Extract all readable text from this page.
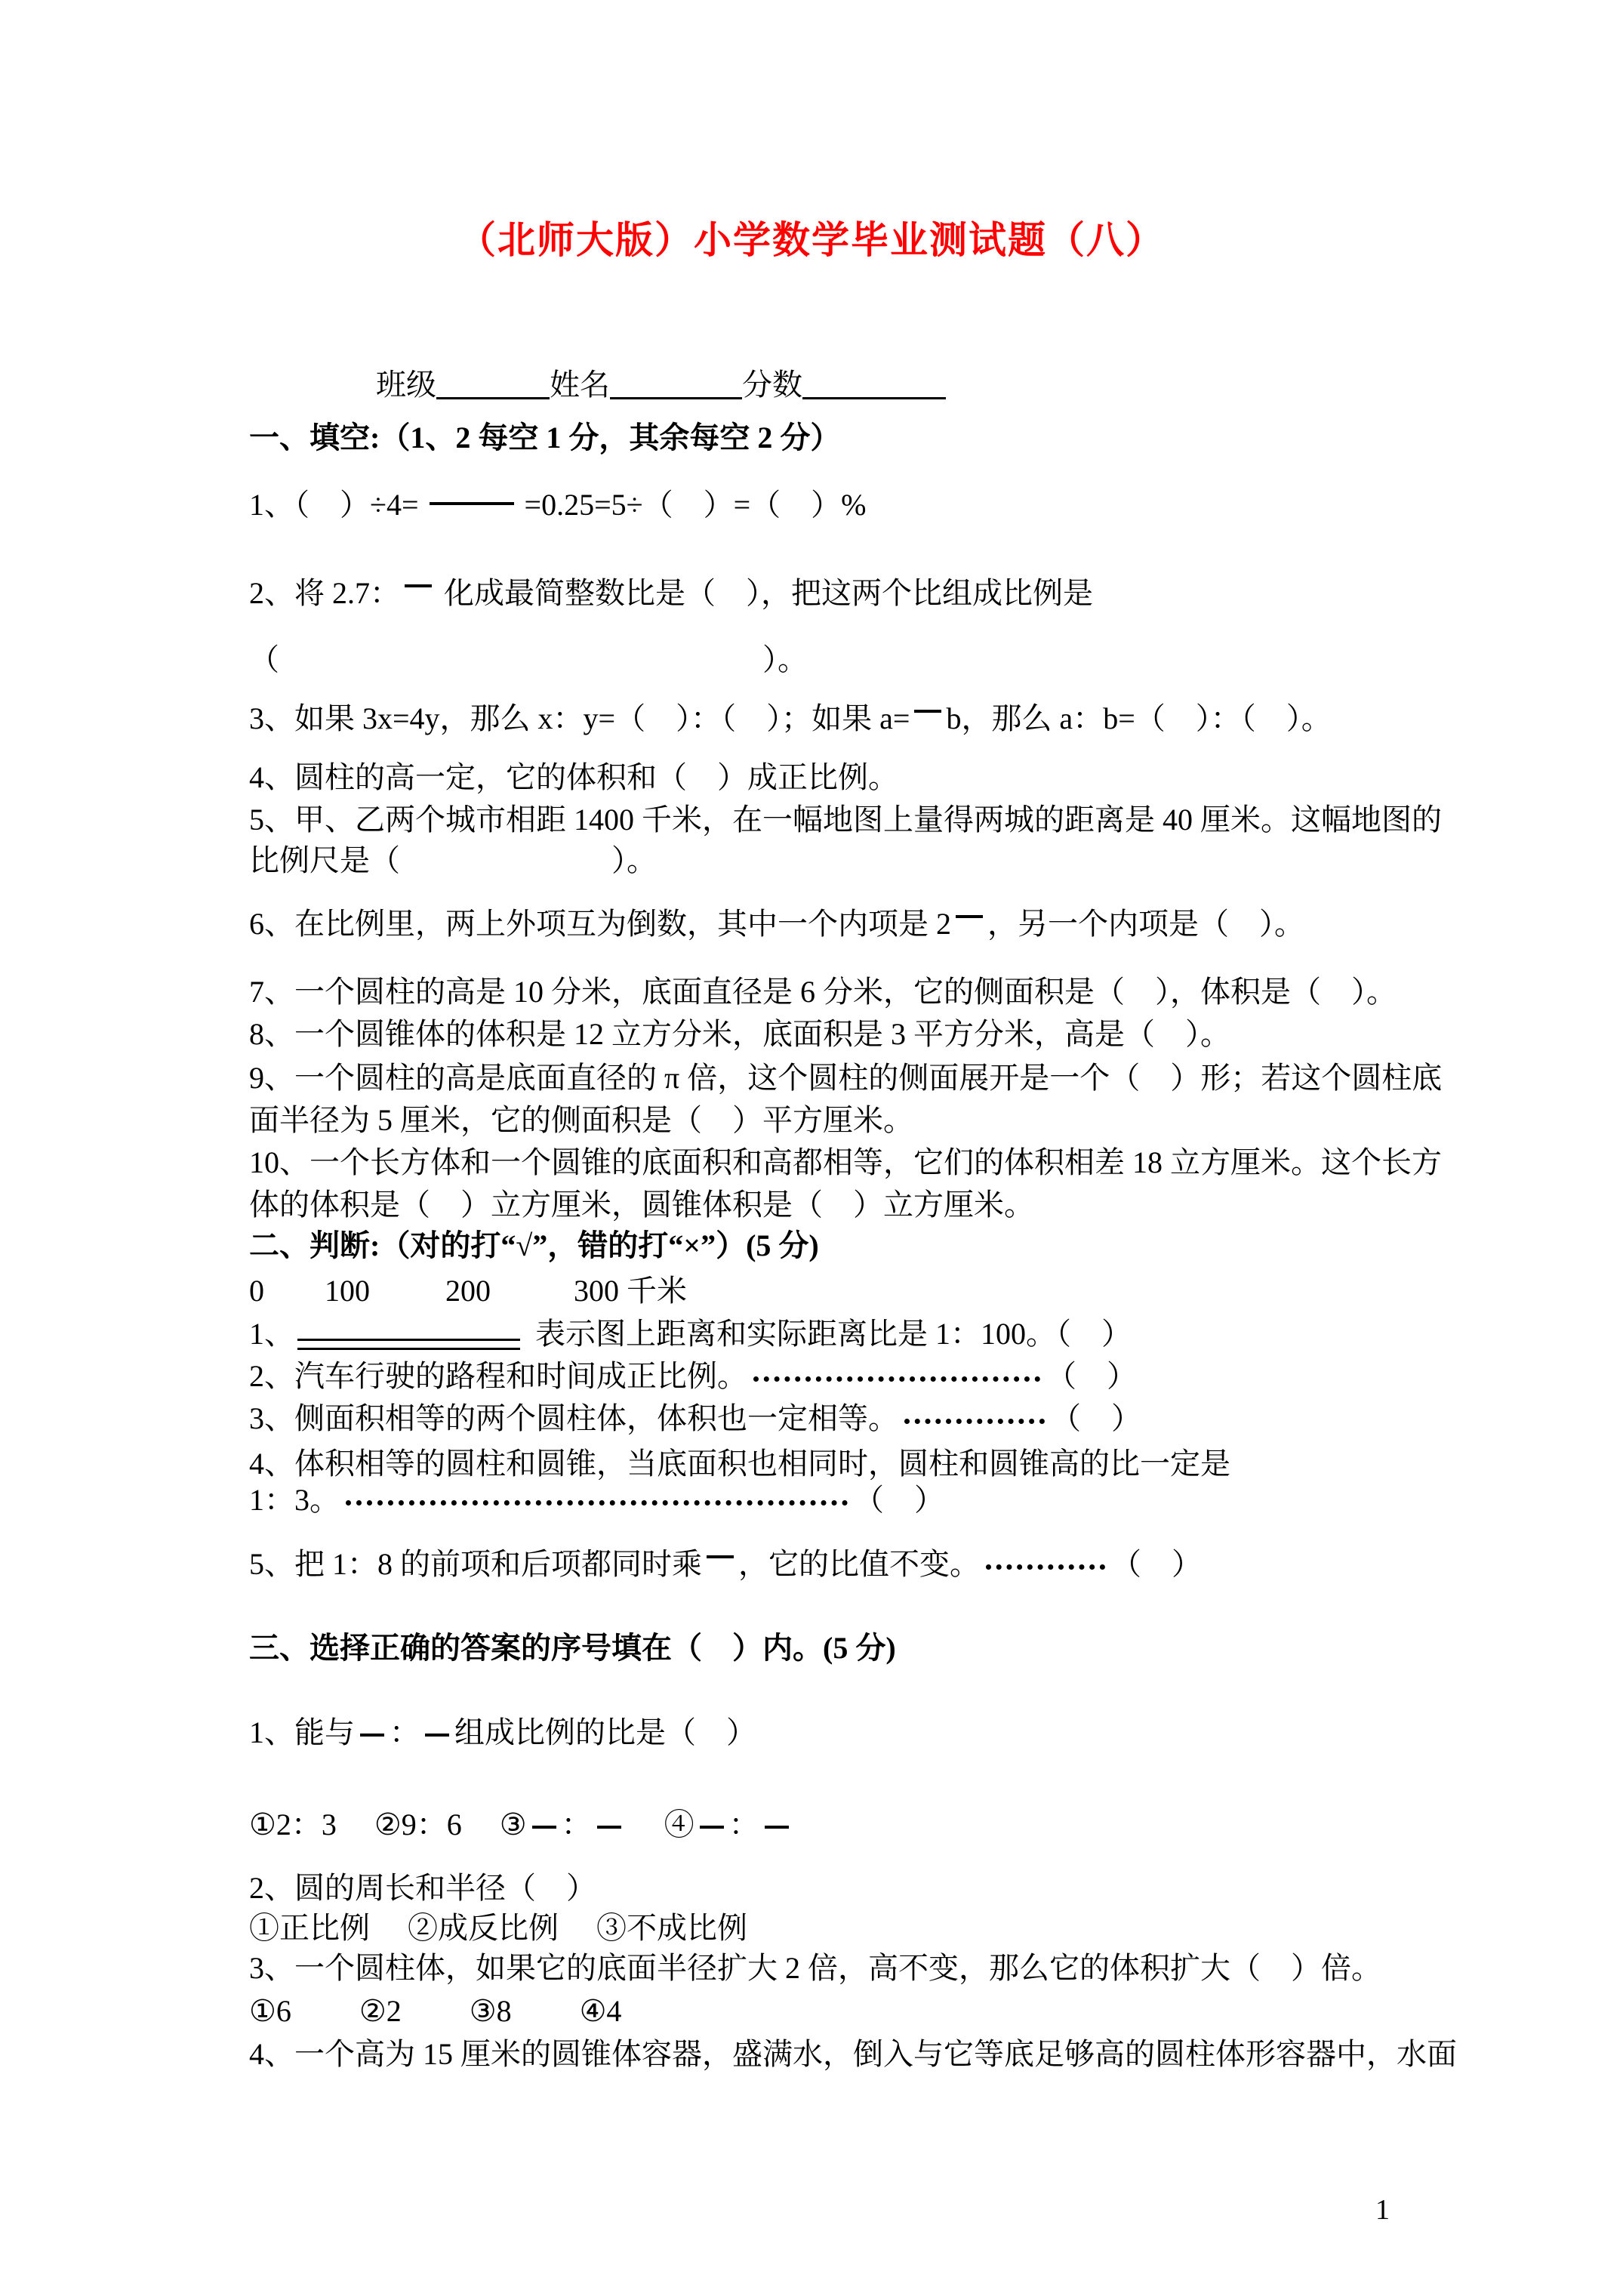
（北师大版）小学数学毕业测试题（八）
班级	姓名	分数
一、填空:（1、2 每空 1 分，其余每空 2 分）
1、（　）÷4=	=0.25=5÷（　）=（　）%
2、将 2.7： 化成最简整数比是（　），把这两个比组成比例是
（　　　　　　　　　　　　　　　　）。
3、如果 3x=4y，那么 x：y=（　）：（　）；如果 a= b，那么 a：b=（　）：（　）。
4、圆柱的高一定，它的体积和（　）成正比例。
5、甲、乙两个城市相距 1400 千米，在一幅地图上量得两城的距离是 40 厘米。这幅地图的
比例尺是（　　　　　　　）。
6、在比例里，两上外项互为倒数，其中一个内项是 2 ，另一个内项是（　）。
7、一个圆柱的高是 10 分米，底面直径是 6 分米，它的侧面积是（　），体积是（　）。
8、一个圆锥体的体积是 12 立方分米，底面积是 3 平方分米，高是（　）。
9、一个圆柱的高是底面直径的 π 倍，这个圆柱的侧面展开是一个（　）形；若这个圆柱底
面半径为 5 厘米，它的侧面积是（　）平方厘米。
10、一个长方体和一个圆锥的底面积和高都相等，它们的体积相差 18 立方厘米。这个长方
体的体积是（　）立方厘米，圆锥体积是（　）立方厘米。
二、判断:（对的打“√”，错的打“×”）(5 分)
0        100          200           300 千米
1、	表示图上距离和实际距离比是 1：100。（　）
2、汽车行驶的路程和时间成正比例。	（　）
3、侧面积相等的两个圆柱体，体积也一定相等。	（　）
4、体积相等的圆柱和圆锥，当底面积也相同时，圆柱和圆锥高的比一定是
1：3。	（　）
5、把 1：8 的前项和后项都同时乘 ，它的比值不变。	（　）
三、选择正确的答案的序号填在（　）内。(5 分)
1、能与 ： 组成比例的比是（　）
①2：3　 ②9：6　 ③ ：　 ④ ：
2、圆的周长和半径（　）
①正比例　 ②成反比例　 ③不成比例
3、一个圆柱体，如果它的底面半径扩大 2 倍，高不变，那么它的体积扩大（　）倍。
①6　　 ②2　　 ③8　　 ④4
4、一个高为 15 厘米的圆锥体容器，盛满水，倒入与它等底足够高的圆柱体形容器中，水面
1
